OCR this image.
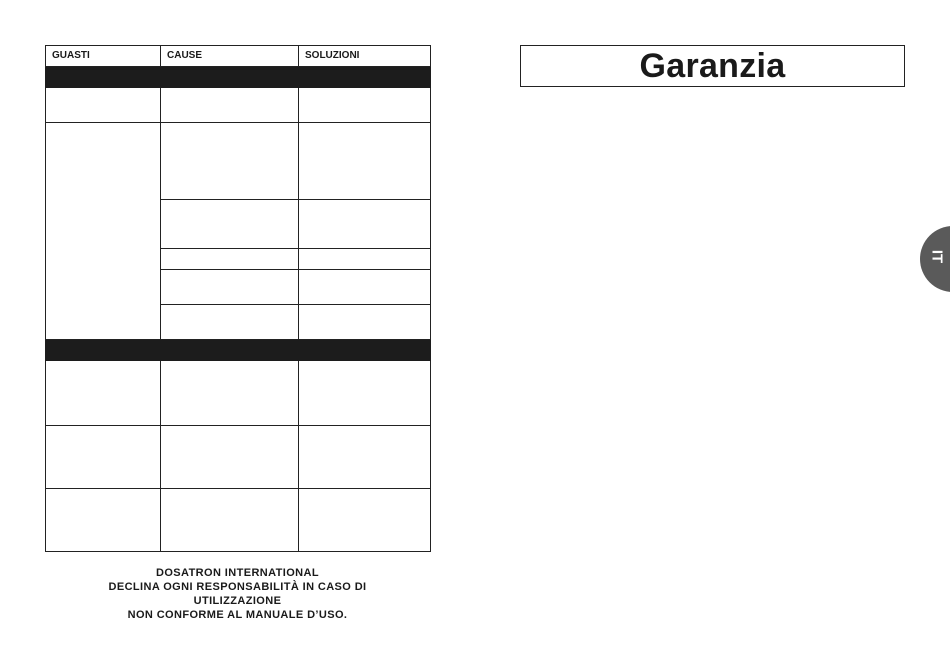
GUASTI	CAUSE	SOLUZIONI

DOSATRON INTERNATIONAL
DECLINA OGNI RESPONSABILITÀ IN CASO DI
UTILIZZAZIONE
NON CONFORME AL MANUALE D’USO.
Garanzia
IT
